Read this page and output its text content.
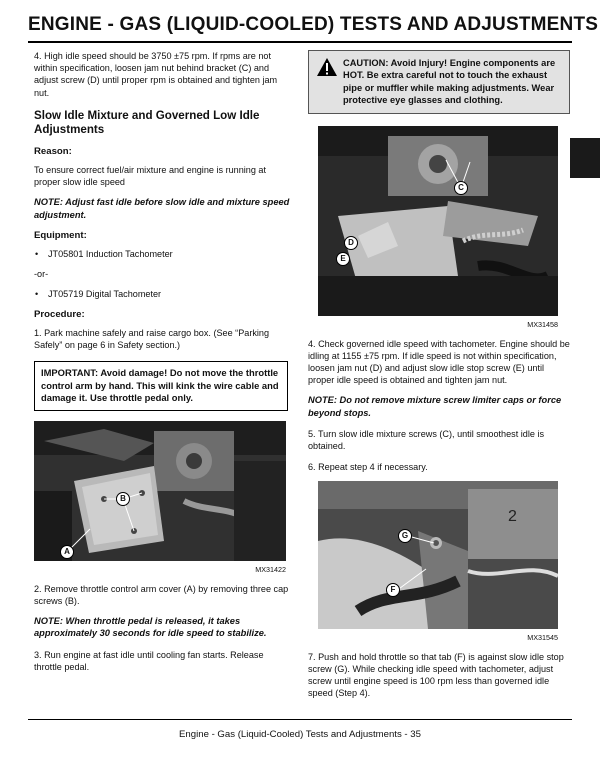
ENGINE - GAS (LIQUID-COOLED) TESTS AND ADJUSTMENTS
4. High idle speed should be 3750 ±75 rpm. If rpms are not within specification, loosen jam nut behind bracket (C) and adjust screw (D) until proper rpm is obtained and tighten jam nut.
Slow Idle Mixture and Governed Low Idle Adjustments
Reason:
To ensure correct fuel/air mixture and engine is running at proper slow idle speed
NOTE: Adjust fast idle before slow idle and mixture speed adjustment.
Equipment:
• JT05801 Induction Tachometer
-or-
• JT05719 Digital Tachometer
Procedure:
1. Park machine safely and raise cargo box. (See “Parking Safely” on page 6 in Safety section.)
IMPORTANT: Avoid damage! Do not move the throttle control arm by hand. This will kink the wire cable and damage it. Use throttle pedal only.
B
A
MX31422
2. Remove throttle control arm cover (A) by removing three cap screws (B).
NOTE: When throttle pedal is released, it takes approximately 30 seconds for idle speed to stabilize.
3. Run engine at fast idle until cooling fan starts. Release throttle pedal.
CAUTION: Avoid Injury! Engine components are HOT. Be extra careful not to touch the exhaust pipe or muffler while making adjustments. Wear protective eye glasses and clothing.
C
D
E
MX31458
4. Check governed idle speed with tachometer. Engine should be idling at 1155 ±75 rpm. If idle speed is not within specification, loosen jam nut (D) and adjust slow idle stop screw (E) until proper idle speed is obtained and tighten jam nut.
NOTE: Do not remove mixture screw limiter caps or force beyond stops.
5. Turn slow idle mixture screws (C), until smoothest idle is obtained.
6. Repeat step 4 if necessary.
2
G
F
MX31545
7. Push and hold throttle so that tab (F) is against slow idle stop screw (G). While checking idle speed with tachometer, adjust screw until engine speed is 100 rpm less than governed idle speed (Step 4).
Engine - Gas (Liquid-Cooled) Tests and Adjustments - 35
